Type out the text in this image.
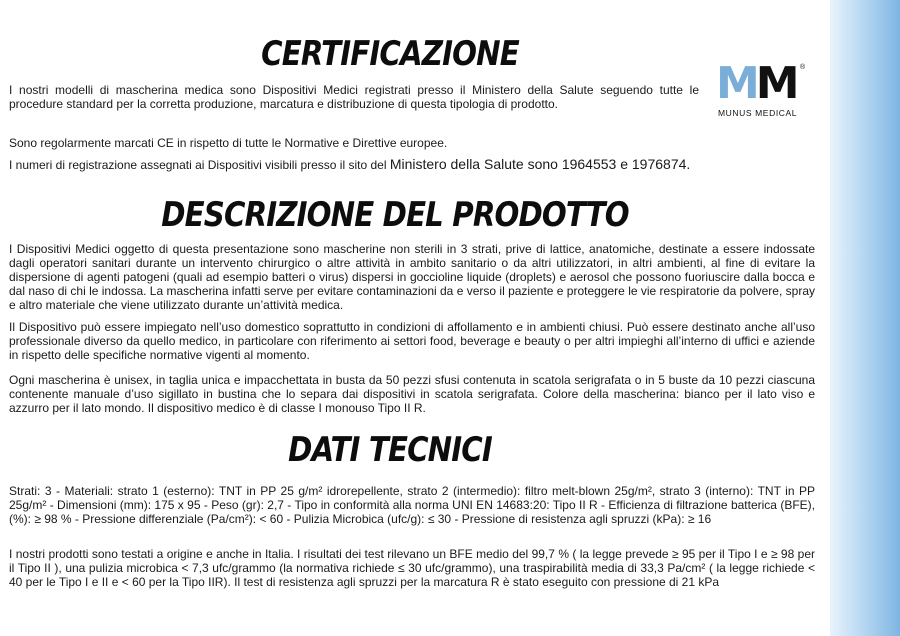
MM ®
MUNUS MEDICAL
CERTIFICAZIONE

I nostri modelli di mascherina medica sono Dispositivi Medici registrati presso il Ministero della Salute seguendo tutte le procedure standard per la corretta produzione, marcatura e distribuzione di questa tipologia di prodotto.

Sono regolarmente marcati CE in rispetto di tutte le Normative e Direttive europee.

I numeri di registrazione assegnati ai Dispositivi visibili presso il sito del Ministero della Salute sono 1964553 e 1976874.

DESCRIZIONE DEL PRODOTTO

I Dispositivi Medici oggetto di questa presentazione sono mascherine non sterili in 3 strati, prive di lattice, anatomiche, destinate a essere indossate dagli operatori sanitari durante un intervento chirurgico o altre attività in ambito sanitario o da altri utilizzatori, in altri ambienti, al fine di evitare la dispersione di agenti patogeni (quali ad esempio batteri o virus) dispersi in goccioline liquide (droplets) e aerosol che possono fuoriuscire dalla bocca e dal naso di chi le indossa. La mascherina infatti serve per evitare contaminazioni da e verso il paziente e proteggere le vie respiratorie da polvere, spray e altro materiale che viene utilizzato durante un’attività medica.

Il Dispositivo può essere impiegato nell’uso domestico soprattutto in condizioni di affollamento e in ambienti chiusi. Può essere destinato anche all’uso professionale diverso da quello medico, in particolare con riferimento ai settori food, beverage e beauty o per altri impieghi all’interno di uffici e aziende in rispetto delle specifiche normative vigenti al momento.

Ogni mascherina è unisex, in taglia unica e impacchettata in busta da 50 pezzi sfusi contenuta in scatola serigrafata o in 5 buste da 10 pezzi ciascuna contenente manuale d’uso sigillato in bustina che lo separa dai dispositivi in scatola serigrafata. Colore della mascherina: bianco per il lato viso e azzurro per il lato mondo. Il dispositivo medico è di classe I monouso Tipo II R.

DATI TECNICI

Strati: 3 - Materiali: strato 1 (esterno): TNT in PP 25 g/m² idrorepellente, strato 2 (intermedio): filtro melt-blown 25g/m², strato 3 (interno): TNT in PP 25g/m² - Dimensioni (mm): 175 x 95 - Peso (gr): 2,7 - Tipo in conformità alla norma UNI EN 14683:20: Tipo II R - Efficienza di filtrazione batterica (BFE), (%): ≥ 98 % - Pressione differenziale (Pa/cm²): < 60 - Pulizia Microbica (ufc/g): ≤ 30 - Pressione di resistenza agli spruzzi (kPa): ≥ 16

I nostri prodotti sono testati a origine e anche in Italia. I risultati dei test rilevano un BFE medio del 99,7 % ( la legge prevede ≥ 95 per il Tipo I e ≥ 98 per il Tipo II ), una pulizia microbica < 7,3 ufc/grammo (la normativa richiede ≤ 30 ufc/grammo), una traspirabilità media di 33,3 Pa/cm² ( la legge richiede < 40 per le Tipo I e II e < 60 per la Tipo IIR). Il test di resistenza agli spruzzi per la marcatura R è stato eseguito con pressione di 21 kPa
